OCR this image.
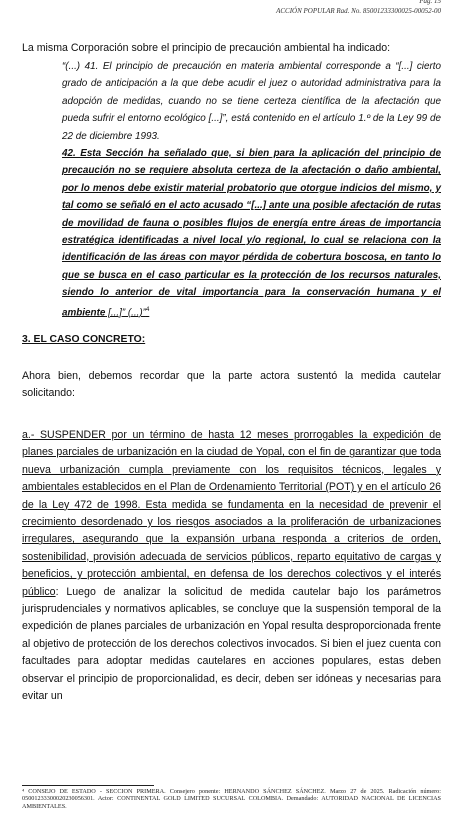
Pág. 15
ACCIÓN POPULAR Rad. No. 85001233300025-00052-00
La misma Corporación sobre el principio de precaución ambiental ha indicado:
“(...) 41. El principio de precaución en materia ambiental corresponde a “[...] cierto grado de anticipación a la que debe acudir el juez o autoridad administrativa para la adopción de medidas, cuando no se tiene certeza científica de la afectación que pueda sufrir el entorno ecológico [...]”, está contenido en el artículo 1.º de la Ley 99 de 22 de diciembre 1993.
42. Esta Sección ha señalado que, si bien para la aplicación del principio de precaución no se requiere absoluta certeza de la afectación o daño ambiental, por lo menos debe existir material probatorio que otorgue indicios del mismo, y tal como se señaló en el acto acusado “[...] ante una posible afectación de rutas de movilidad de fauna o posibles flujos de energía entre áreas de importancia estratégica identificadas a nivel local y/o regional, lo cual se relaciona con la identificación de las áreas con mayor pérdida de cobertura boscosa, en tanto lo que se busca en el caso particular es la protección de los recursos naturales, siendo lo anterior de vital importancia para la conservación humana y el ambiente [...]” (...)”$^4$
3. EL CASO CONCRETO:
Ahora bien, debemos recordar que la parte actora sustentó la medida cautelar solicitando:
a.- SUSPENDER por un término de hasta 12 meses prorrogables la expedición de planes parciales de urbanización en la ciudad de Yopal, con el fin de garantizar que toda nueva urbanización cumpla previamente con los requisitos técnicos, legales y ambientales establecidos en el Plan de Ordenamiento Territorial (POT) y en el artículo 26 de la Ley 472 de 1998. Esta medida se fundamenta en la necesidad de prevenir el crecimiento desordenado y los riesgos asociados a la proliferación de urbanizaciones irregulares, asegurando que la expansión urbana responda a criterios de orden, sostenibilidad, provisión adecuada de servicios públicos, reparto equitativo de cargas y beneficios, y protección ambiental, en defensa de los derechos colectivos y el interés público: Luego de analizar la solicitud de medida cautelar bajo los parámetros jurisprudenciales y normativos aplicables, se concluye que la suspensión temporal de la expedición de planes parciales de urbanización en Yopal resulta desproporcionada frente al objetivo de protección de los derechos colectivos invocados. Si bien el juez cuenta con facultades para adoptar medidas cautelares en acciones populares, estas deben observar el principio de proporcionalidad, es decir, deben ser idóneas y necesarias para evitar un
⁴ CONSEJO DE ESTADO - SECCION PRIMERA. Consejero ponente: HERNANDO SÁNCHEZ SÁNCHEZ. Marzo 27 de 2025. Radicación número: 05001233300020230056301. Actor: CONTINENTAL GOLD LIMITED SUCURSAL COLOMBIA. Demandado: AUTORIDAD NACIONAL DE LICENCIAS AMBIENTALES.
